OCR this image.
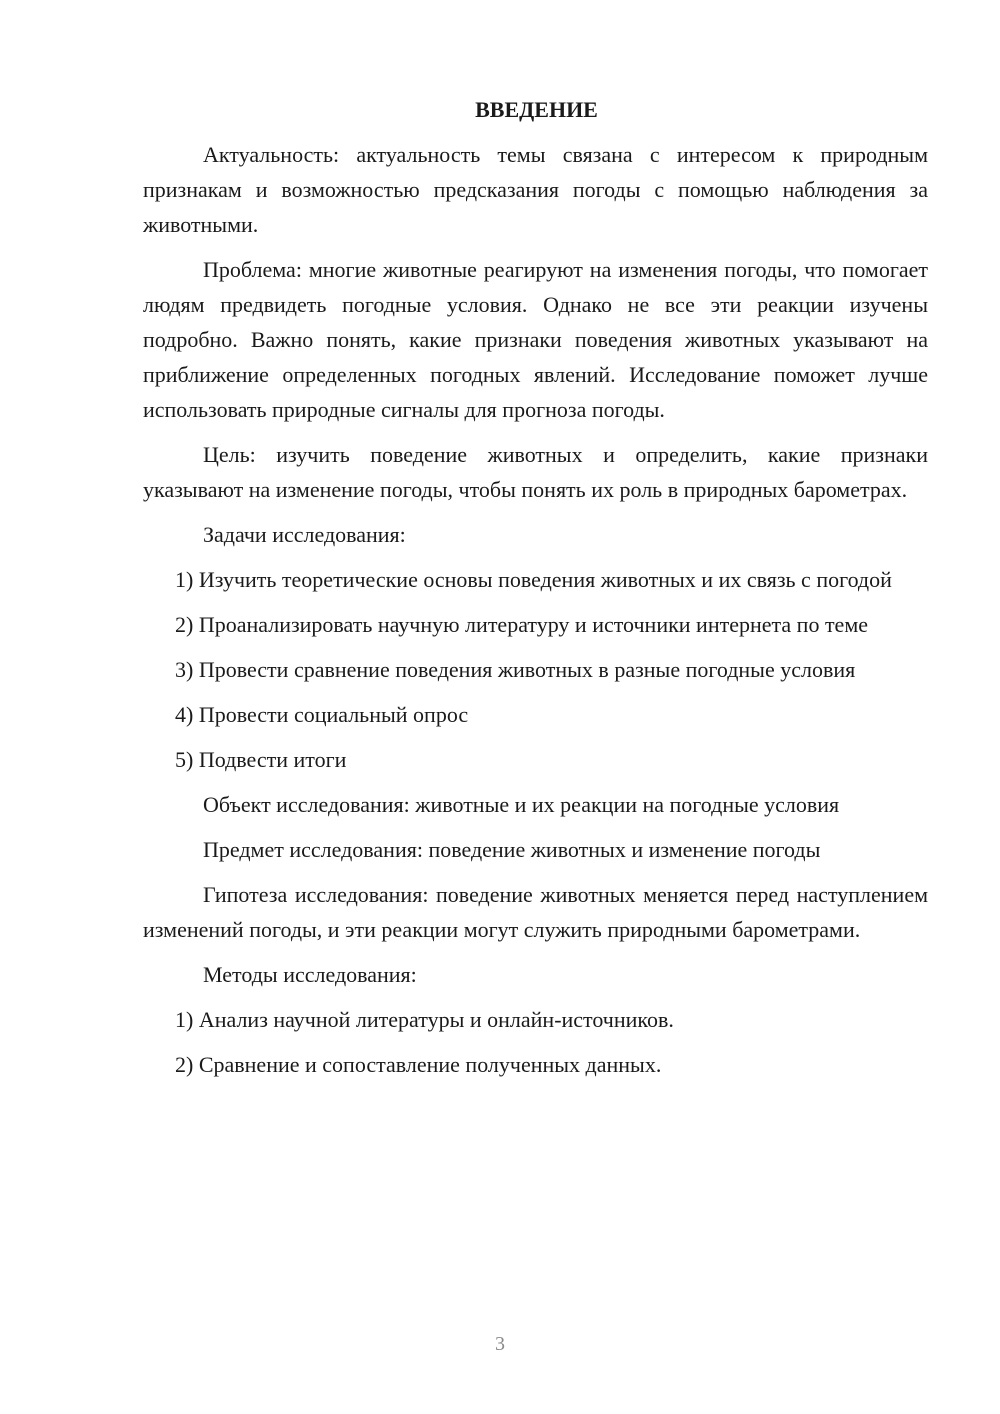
ВВЕДЕНИЕ

Актуальность: актуальность темы связана с интересом к природным признакам и возможностью предсказания погоды с помощью наблюдения за животными.

Проблема: многие животные реагируют на изменения погоды, что помогает людям предвидеть погодные условия. Однако не все эти реакции изучены подробно. Важно понять, какие признаки поведения животных указывают на приближение определенных погодных явлений. Исследование поможет лучше использовать природные сигналы для прогноза погоды.

Цель: изучить поведение животных и определить, какие признаки указывают на изменение погоды, чтобы понять их роль в природных барометрах.

Задачи исследования:

1) Изучить теоретические основы поведения животных и их связь с погодой

2) Проанализировать научную литературу и источники интернета по теме

3) Провести сравнение поведения животных в разные погодные условия

4) Провести социальный опрос

5) Подвести итоги

Объект исследования: животные и их реакции на погодные условия

Предмет исследования: поведение животных и изменение погоды

Гипотеза исследования: поведение животных меняется перед наступлением изменений погоды, и эти реакции могут служить природными барометрами.

Методы исследования:

1) Анализ научной литературы и онлайн-источников.

2) Сравнение и сопоставление полученных данных.

3
